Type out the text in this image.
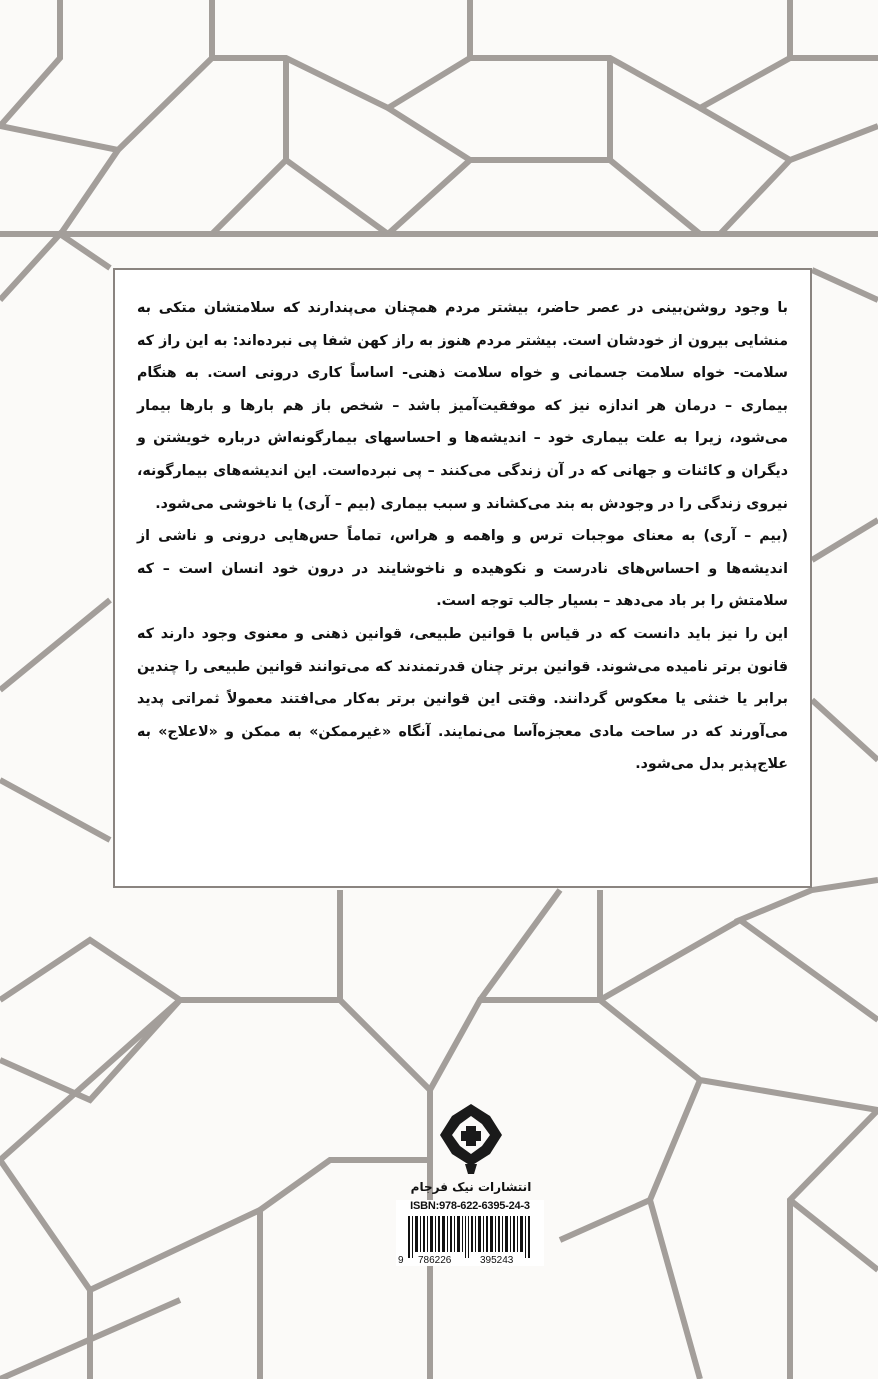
با وجود روشن‌بینی در عصر حاضر، بیشتر مردم همچنان می‌پندارند که سلامتشان متکی به منشایی بیرون از خودشان است. بیشتر مردم هنوز به راز کهن شفا پی نبرده‌اند: به این راز که سلامت- خواه سلامت جسمانی و خواه سلامت ذهنی- اساساً کاری درونی است. به هنگام بیماری – درمان هر اندازه نیز که موفقیت‌آمیز باشد – شخص باز هم بارها و بارها بیمار می‌شود، زیرا به علت بیماری خود – اندیشه‌ها و احساسهای بیمارگونه‌اش درباره خویشتن و دیگران و کائنات و جهانی که در آن زندگی می‌کنند – پی نبرده‌است. این اندیشه‌های بیمارگونه، نیروی زندگی را در وجودش به بند می‌کشاند و سبب بیماری (بیم – آری) یا ناخوشی می‌شود.

(بیم – آری) به معنای موجبات ترس و واهمه و هراس، تماماً حس‌هایی درونی و ناشی از اندیشه‌ها و احساس‌های نادرست و نکوهیده و ناخوشایند در درون خود انسان است – که سلامتش را بر باد می‌دهد – بسیار جالب توجه است.

این را نیز باید دانست که در قیاس با قوانین طبیعی، قوانین ذهنی و معنوی وجود دارند که قانون برتر نامیده می‌شوند. قوانین برتر چنان قدرتمندند که می‌توانند قوانین طبیعی را چندین برابر یا خنثی یا معکوس گردانند. وقتی این قوانین برتر به‌کار می‌افتند معمولاً ثمراتی پدید می‌آورند که در ساحت مادی معجزه‌آسا می‌نمایند. آنگاه «غیرممکن» به ممکن و «لاعلاج» به علاج‌پذیر بدل می‌شود.

انتشارات نیک فرجام
ISBN:978-622-6395-24-3
9 786226	395243
